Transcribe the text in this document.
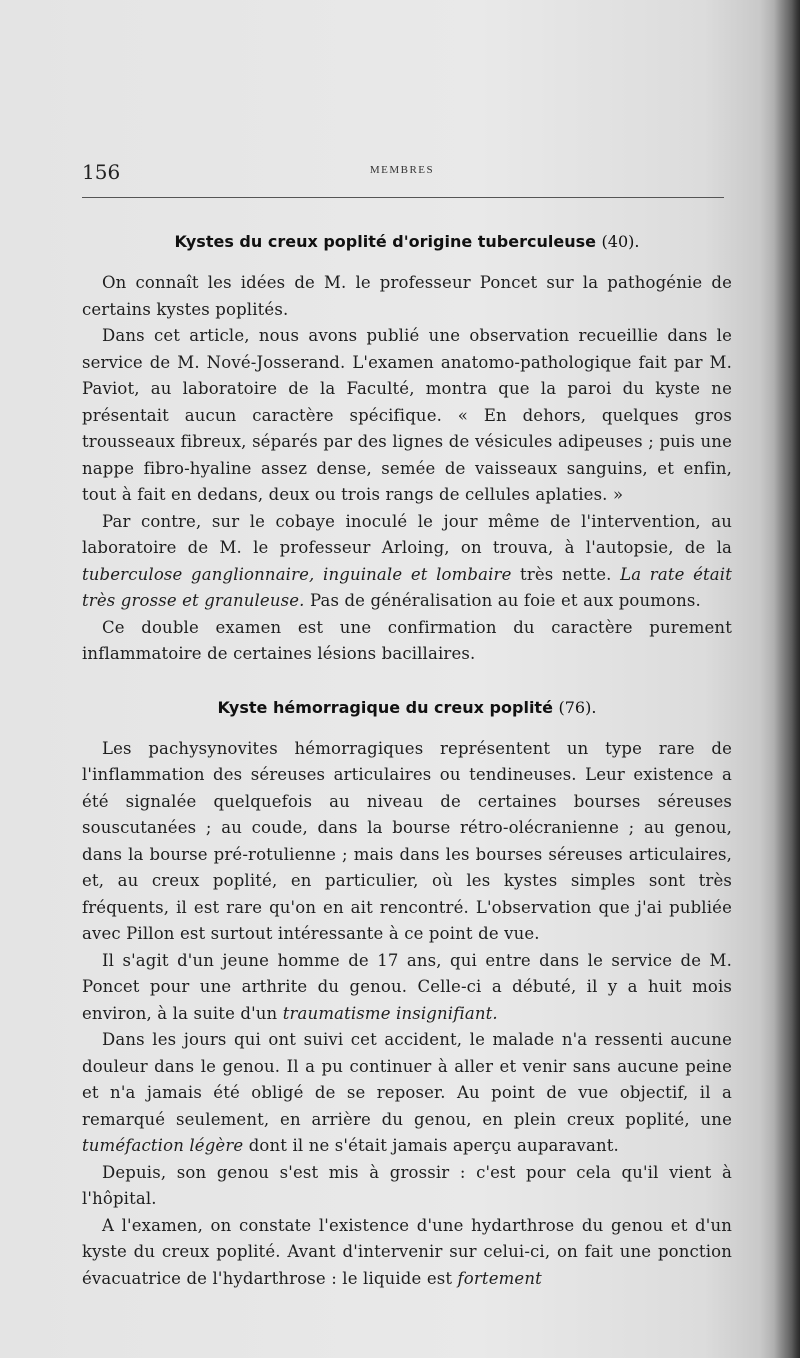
156	MEMBRES
Kystes du creux poplité d'origine tuberculeuse (40).

On connaît les idées de M. le professeur Poncet sur la pathogénie de certains kystes poplités.

Dans cet article, nous avons publié une observation recueillie dans le service de M. Nové-Josserand. L'examen anatomo-pathologique fait par M. Paviot, au laboratoire de la Faculté, montra que la paroi du kyste ne présentait aucun caractère spécifique. « En dehors, quelques gros trousseaux fibreux, séparés par des lignes de vésicules adipeuses ; puis une nappe fibro-hyaline assez dense, semée de vaisseaux sanguins, et enfin, tout à fait en dedans, deux ou trois rangs de cellules aplaties. »

Par contre, sur le cobaye inoculé le jour même de l'intervention, au laboratoire de M. le professeur Arloing, on trouva, à l'autopsie, de la tuberculose ganglionnaire, inguinale et lombaire très nette. La rate était très grosse et granuleuse. Pas de généralisation au foie et aux poumons.

Ce double examen est une confirmation du caractère purement inflammatoire de certaines lésions bacillaires.

Kyste hémorragique du creux poplité (76).

Les pachysynovites hémorragiques représentent un type rare de l'inflammation des séreuses articulaires ou tendineuses. Leur existence a été signalée quelquefois au niveau de certaines bourses séreuses souscutanées ; au coude, dans la bourse rétro-olécranienne ; au genou, dans la bourse pré-rotulienne ; mais dans les bourses séreuses articulaires, et, au creux poplité, en particulier, où les kystes simples sont très fréquents, il est rare qu'on en ait rencontré. L'observation que j'ai publiée avec Pillon est surtout intéressante à ce point de vue.

Il s'agit d'un jeune homme de 17 ans, qui entre dans le service de M. Poncet pour une arthrite du genou. Celle-ci a débuté, il y a huit mois environ, à la suite d'un traumatisme insignifiant.

Dans les jours qui ont suivi cet accident, le malade n'a ressenti aucune douleur dans le genou. Il a pu continuer à aller et venir sans aucune peine et n'a jamais été obligé de se reposer. Au point de vue objectif, il a remarqué seulement, en arrière du genou, en plein creux poplité, une tuméfaction légère dont il ne s'était jamais aperçu auparavant.

Depuis, son genou s'est mis à grossir : c'est pour cela qu'il vient à l'hôpital.

A l'examen, on constate l'existence d'une hydarthrose du genou et d'un kyste du creux poplité. Avant d'intervenir sur celui-ci, on fait une ponction évacuatrice de l'hydarthrose : le liquide est fortement
